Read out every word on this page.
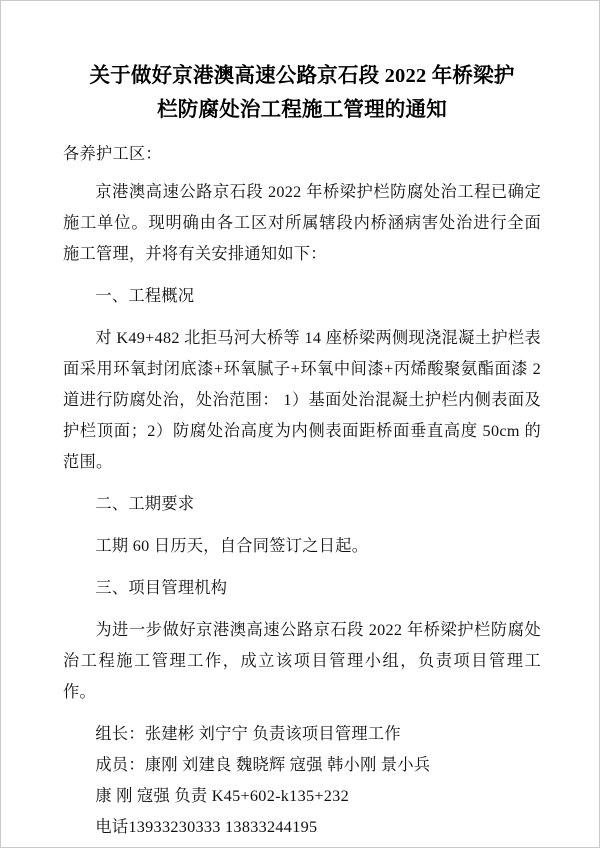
关于做好京港澳高速公路京石段 2022 年桥梁护
栏防腐处治工程施工管理的通知

各养护工区：

京港澳高速公路京石段 2022 年桥梁护栏防腐处治工程已确定施工单位。现明确由各工区对所属辖段内桥涵病害处治进行全面施工管理，并将有关安排通知如下：

一、工程概况

对 K49+482 北拒马河大桥等 14 座桥梁两侧现浇混凝土护栏表面采用环氧封闭底漆+环氧腻子+环氧中间漆+丙烯酸聚氨酯面漆 2 道进行防腐处治，处治范围： 1）基面处治混凝土护栏内侧表面及护栏顶面；2）防腐处治高度为内侧表面距桥面垂直高度 50cm 的范围。

二、工期要求

工期 60 日历天，自合同签订之日起。

三、项目管理机构

为进一步做好京港澳高速公路京石段 2022 年桥梁护栏防腐处治工程施工管理工作，成立该项目管理小组，负责项目管理工作。

组长：张建彬 刘宁宁 负责该项目管理工作

成员：康刚 刘建良 魏晓辉 寇强 韩小刚 景小兵

康 刚 寇强 负责 K45+602-k135+232

电话13933230333 13833244195
